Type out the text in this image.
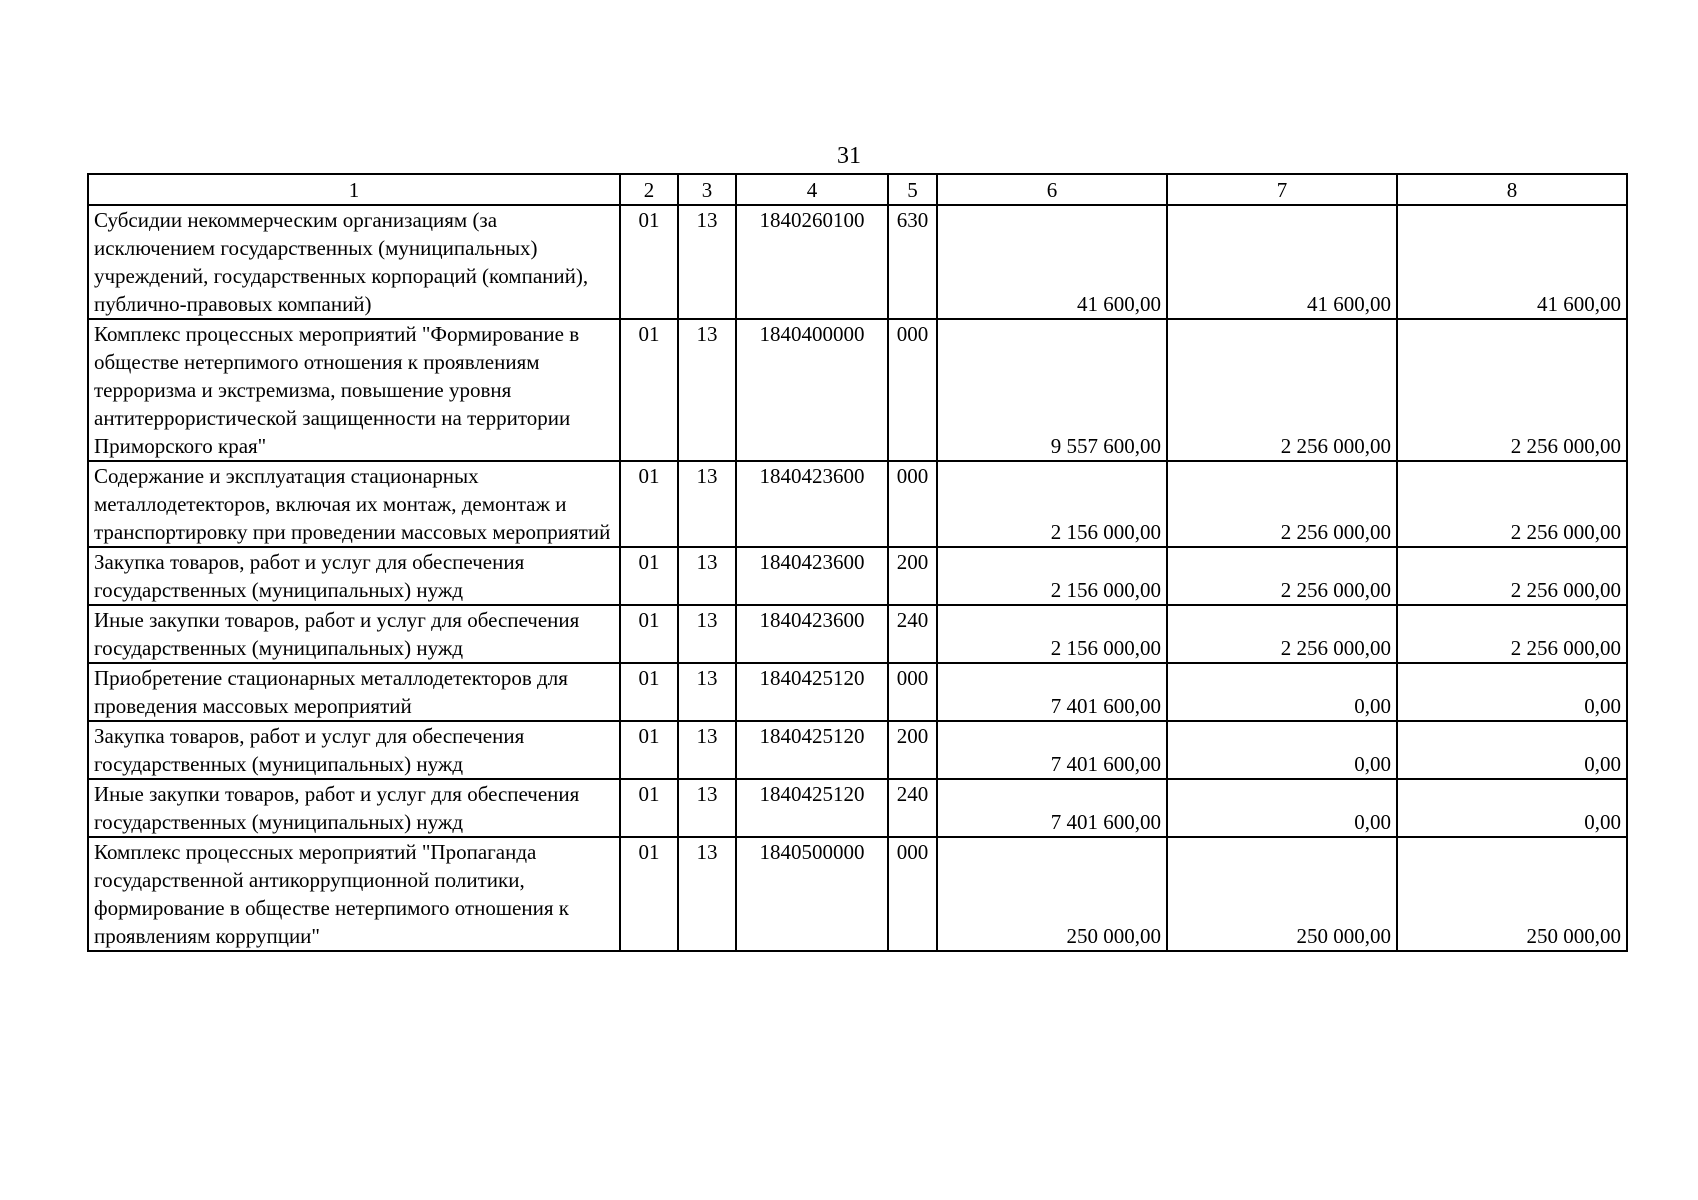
31
1	2	3	4	5	6	7	8
Субсидии некоммерческим организациям (за исключением государственных (муниципальных) учреждений, государственных корпораций (компаний), публично-правовых компаний)	01	13	1840260100	630	41 600,00	41 600,00	41 600,00
Комплекс процессных мероприятий "Формирование в обществе нетерпимого отношения к проявлениям терроризма и экстремизма, повышение уровня антитеррористической защищенности на территории Приморского края"	01	13	1840400000	000	9 557 600,00	2 256 000,00	2 256 000,00
Содержание и эксплуатация стационарных металлодетекторов, включая их монтаж, демонтаж и транспортировку при проведении массовых мероприятий	01	13	1840423600	000	2 156 000,00	2 256 000,00	2 256 000,00
Закупка товаров, работ и услуг для обеспечения государственных (муниципальных) нужд	01	13	1840423600	200	2 156 000,00	2 256 000,00	2 256 000,00
Иные закупки товаров, работ и услуг для обеспечения государственных (муниципальных) нужд	01	13	1840423600	240	2 156 000,00	2 256 000,00	2 256 000,00
Приобретение стационарных металлодетекторов для проведения массовых мероприятий	01	13	1840425120	000	7 401 600,00	0,00	0,00
Закупка товаров, работ и услуг для обеспечения государственных (муниципальных) нужд	01	13	1840425120	200	7 401 600,00	0,00	0,00
Иные закупки товаров, работ и услуг для обеспечения государственных (муниципальных) нужд	01	13	1840425120	240	7 401 600,00	0,00	0,00
Комплекс процессных мероприятий "Пропаганда государственной антикоррупционной политики, формирование в обществе нетерпимого отношения к проявлениям коррупции"	01	13	1840500000	000	250 000,00	250 000,00	250 000,00
